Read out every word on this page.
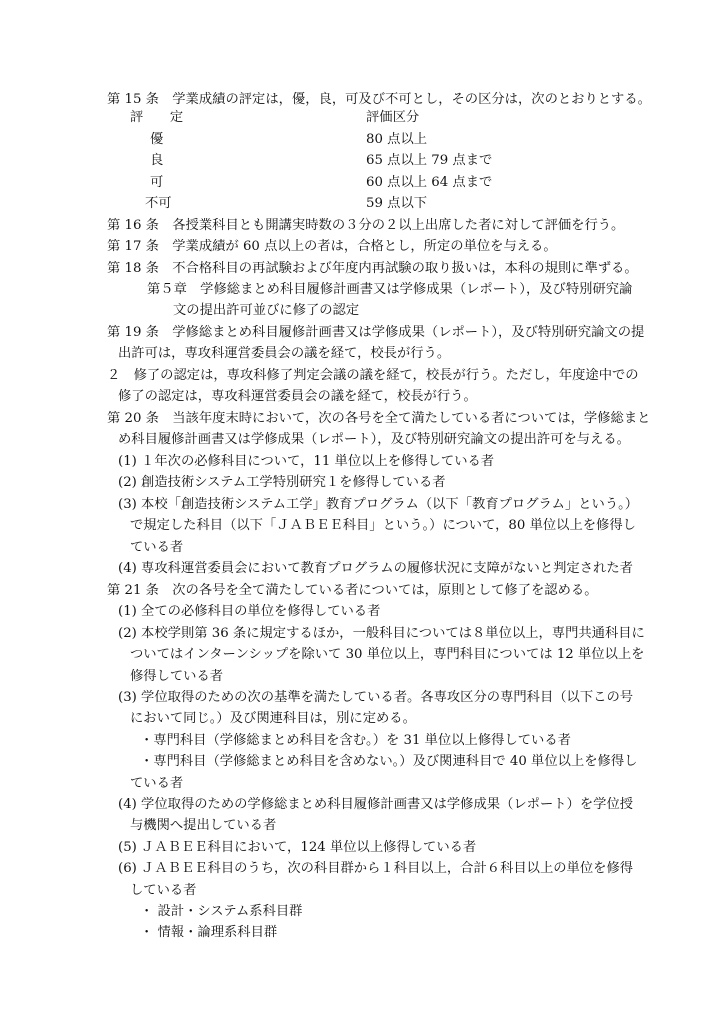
第 15 条　学業成績の評定は，優，良，可及び不可とし，その区分は，次のとおりとする。
評　　定	評価区分
優	80 点以上
良	65 点以上 79 点まで
可	60 点以上 64 点まで
不可	59 点以下
第 16 条　各授業科目とも開講実時数の３分の２以上出席した者に対して評価を行う。
第 17 条　学業成績が 60 点以上の者は，合格とし，所定の単位を与える。
第 18 条　不合格科目の再試験および年度内再試験の取り扱いは，本科の規則に準ずる。
第５章　学修総まとめ科目履修計画書又は学修成果（レポート），及び特別研究論
文の提出許可並びに修了の認定
第 19 条　学修総まとめ科目履修計画書又は学修成果（レポート），及び特別研究論文の提
出許可は，専攻科運営委員会の議を経て，校長が行う。
２　修了の認定は，専攻科修了判定会議の議を経て，校長が行う。ただし，年度途中での
修了の認定は，専攻科運営委員会の議を経て，校長が行う。
第 20 条　当該年度末時において，次の各号を全て満たしている者については，学修総まと
め科目履修計画書又は学修成果（レポート），及び特別研究論文の提出許可を与える。
(1) １年次の必修科目について，11 単位以上を修得している者
(2) 創造技術システム工学特別研究１を修得している者
(3) 本校「創造技術システム工学」教育プログラム（以下「教育プログラム」という。）
で規定した科目（以下「ＪＡＢＥＥ科目」という。）について，80 単位以上を修得し
ている者
(4) 専攻科運営委員会において教育プログラムの履修状況に支障がないと判定された者
第 21 条　次の各号を全て満たしている者については，原則として修了を認める。
(1) 全ての必修科目の単位を修得している者
(2) 本校学則第 36 条に規定するほか，一般科目については８単位以上，専門共通科目に
ついてはインターンシップを除いて 30 単位以上，専門科目については 12 単位以上を
修得している者
(3) 学位取得のための次の基準を満たしている者。各専攻区分の専門科目（以下この号
において同じ。）及び関連科目は，別に定める。
・専門科目（学修総まとめ科目を含む。）を 31 単位以上修得している者
・専門科目（学修総まとめ科目を含めない。）及び関連科目で 40 単位以上を修得し
ている者
(4) 学位取得のための学修総まとめ科目履修計画書又は学修成果（レポート）を学位授
与機関へ提出している者
(5) ＪＡＢＥＥ科目において，124 単位以上修得している者
(6) ＪＡＢＥＥ科目のうち，次の科目群から１科目以上，合計６科目以上の単位を修得
している者
・ 設計・システム系科目群
・ 情報・論理系科目群
